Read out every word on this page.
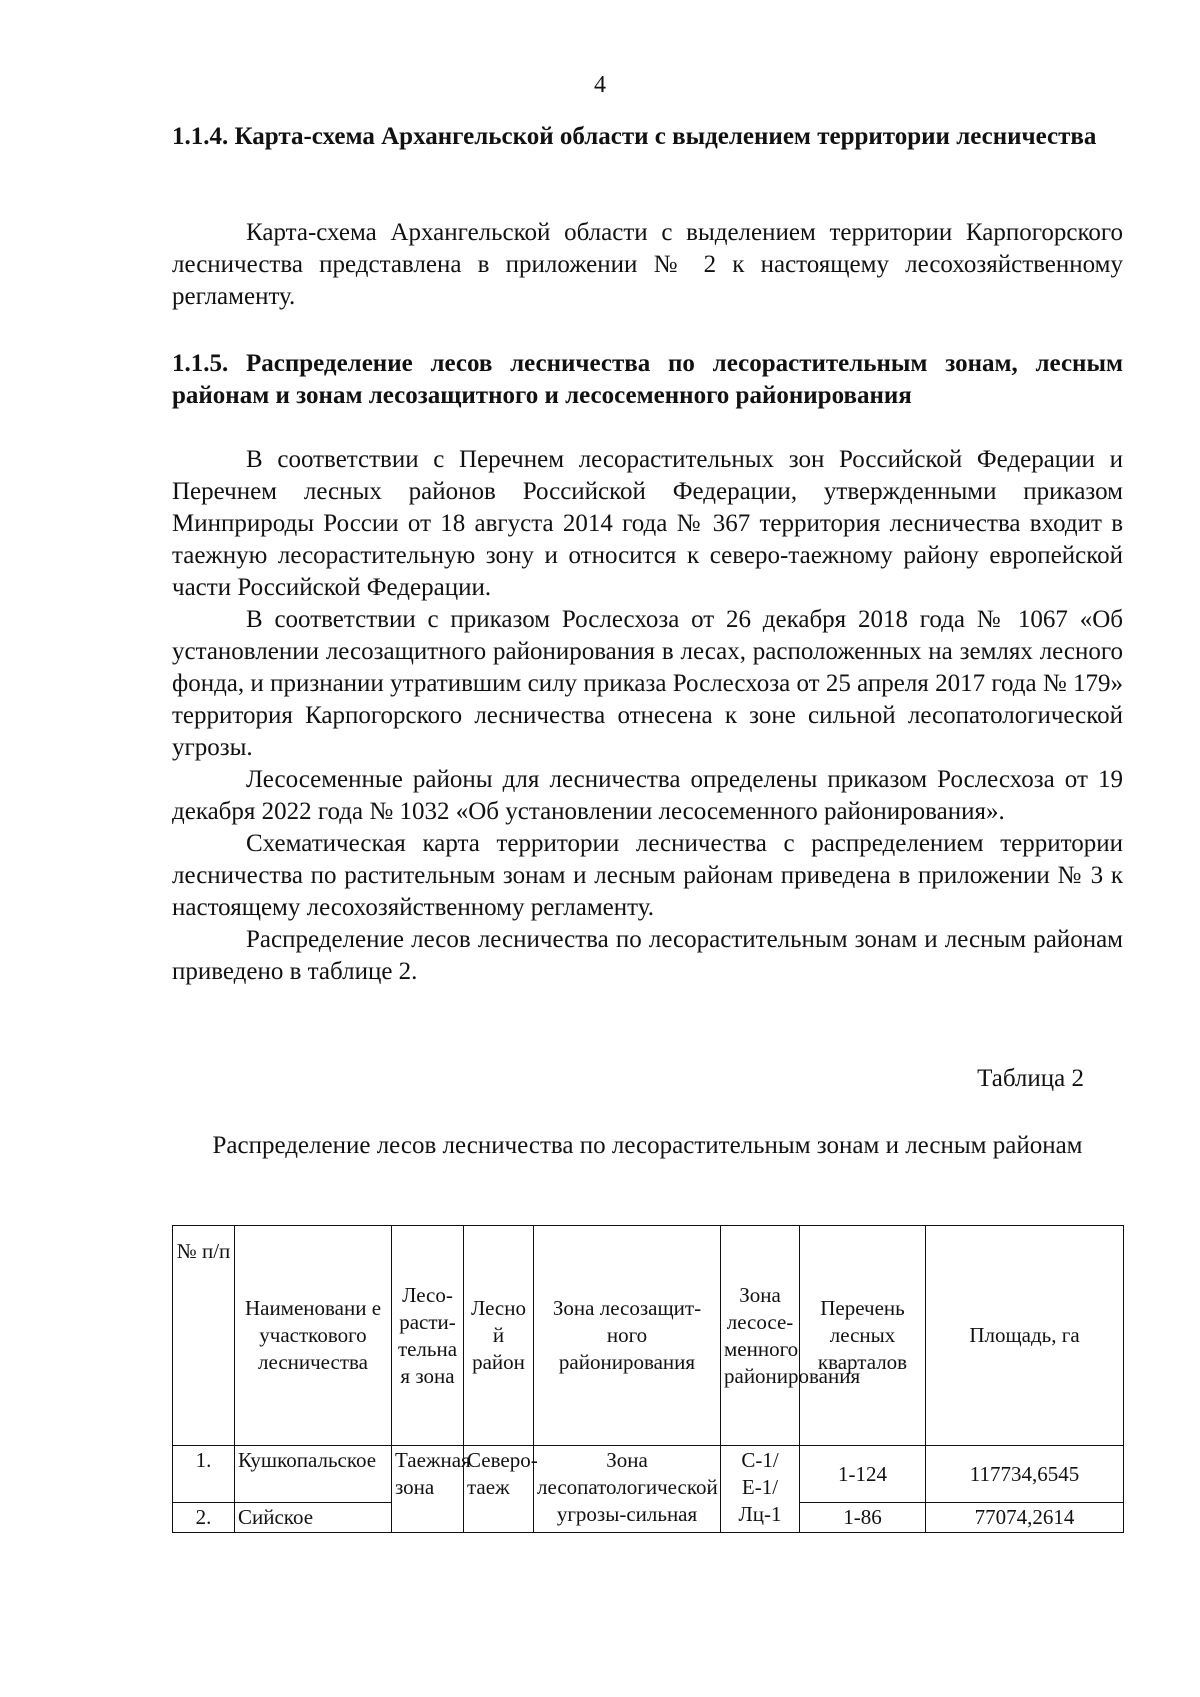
4
1.1.4. Карта-схема Архангельской области с выделением территории лесничества

Карта-схема Архангельской области с выделением территории Карпогорского лесничества представлена в приложении № 2 к настоящему лесохозяйственному регламенту.

1.1.5. Распределение лесов лесничества по лесорастительным зонам, лесным районам и зонам лесозащитного и лесосеменного районирования

В соответствии с Перечнем лесорастительных зон Российской Федерации и Перечнем лесных районов Российской Федерации, утвержденными приказом Минприроды России от 18 августа 2014 года № 367 территория лесничества входит в таежную лесорастительную зону и относится к северо-таежному району европейской части Российской Федерации.

В соответствии с приказом Рослесхоза от 26 декабря 2018 года № 1067 «Об установлении лесозащитного районирования в лесах, расположенных на землях лесного фонда, и признании утратившим силу приказа Рослесхоза от 25 апреля 2017 года № 179» территория Карпогорского лесничества отнесена к зоне сильной лесопатологической угрозы.

Лесосеменные районы для лесничества определены приказом Рослесхоза от 19 декабря 2022 года № 1032 «Об установлении лесосеменного районирования».

Схематическая карта территории лесничества с распределением территории лесничества по растительным зонам и лесным районам приведена в приложении № 3 к настоящему лесохозяйственному регламенту.

Распределение лесов лесничества по лесорастительным зонам и лесным районам приведено в таблице 2.

Таблица 2
Распределение лесов лесничества по лесорастительным зонам и лесным районам
№ п/п	Наименовани е участкового лесничества	Лесо-расти-тельна я зона	Лесно й район	Зона лесозащит-ного районирования	Зона лесосе-менного районирования	Перечень лесных кварталов	Площадь, га
1.	Кушкопальское	Таежная зона	Северо-таеж	Зона лесопатологической угрозы-сильная	С-1/Е-1/Лц-1	1-124	117734,6545
2.	Сийское					1-86	77074,2614
